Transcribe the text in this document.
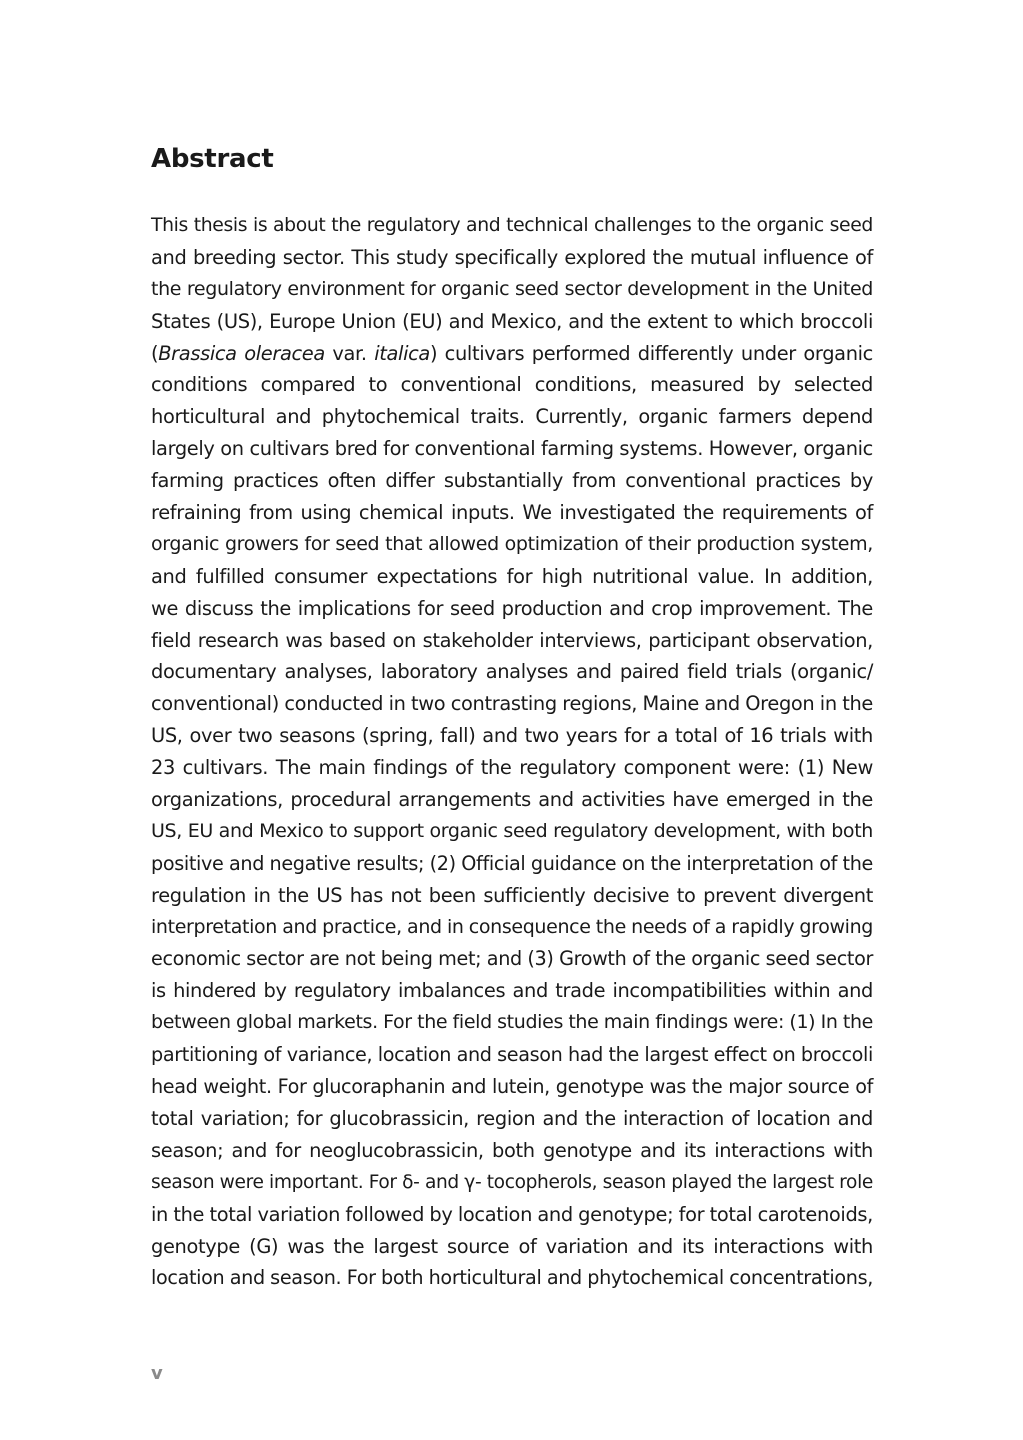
Abstract
This thesis is about the regulatory and technical challenges to the organic seed
and breeding sector. This study specifically explored the mutual influence of
the regulatory environment for organic seed sector development in the United
States (US), Europe Union (EU) and Mexico, and the extent to which broccoli
(Brassica oleracea var. italica) cultivars performed differently under organic
conditions compared to conventional conditions, measured by selected
horticultural and phytochemical traits. Currently, organic farmers depend
largely on cultivars bred for conventional farming systems. However, organic
farming practices often differ substantially from conventional practices by
refraining from using chemical inputs. We investigated the requirements of
organic growers for seed that allowed optimization of their production system,
and fulfilled consumer expectations for high nutritional value. In addition,
we discuss the implications for seed production and crop improvement. The
field research was based on stakeholder interviews, participant observation,
documentary analyses, laboratory analyses and paired field trials (organic/
conventional) conducted in two contrasting regions, Maine and Oregon in the
US, over two seasons (spring, fall) and two years for a total of 16 trials with
23 cultivars. The main findings of the regulatory component were: (1) New
organizations, procedural arrangements and activities have emerged in the
US, EU and Mexico to support organic seed regulatory development, with both
positive and negative results; (2) Official guidance on the interpretation of the
regulation in the US has not been sufficiently decisive to prevent divergent
interpretation and practice, and in consequence the needs of a rapidly growing
economic sector are not being met; and (3) Growth of the organic seed sector
is hindered by regulatory imbalances and trade incompatibilities within and
between global markets. For the field studies the main findings were: (1) In the
partitioning of variance, location and season had the largest effect on broccoli
head weight. For glucoraphanin and lutein, genotype was the major source of
total variation; for glucobrassicin, region and the interaction of location and
season; and for neoglucobrassicin, both genotype and its interactions with
season were important. For δ- and γ- tocopherols, season played the largest role
in the total variation followed by location and genotype; for total carotenoids,
genotype (G) was the largest source of variation and its interactions with
location and season. For both horticultural and phytochemical concentrations,
v
